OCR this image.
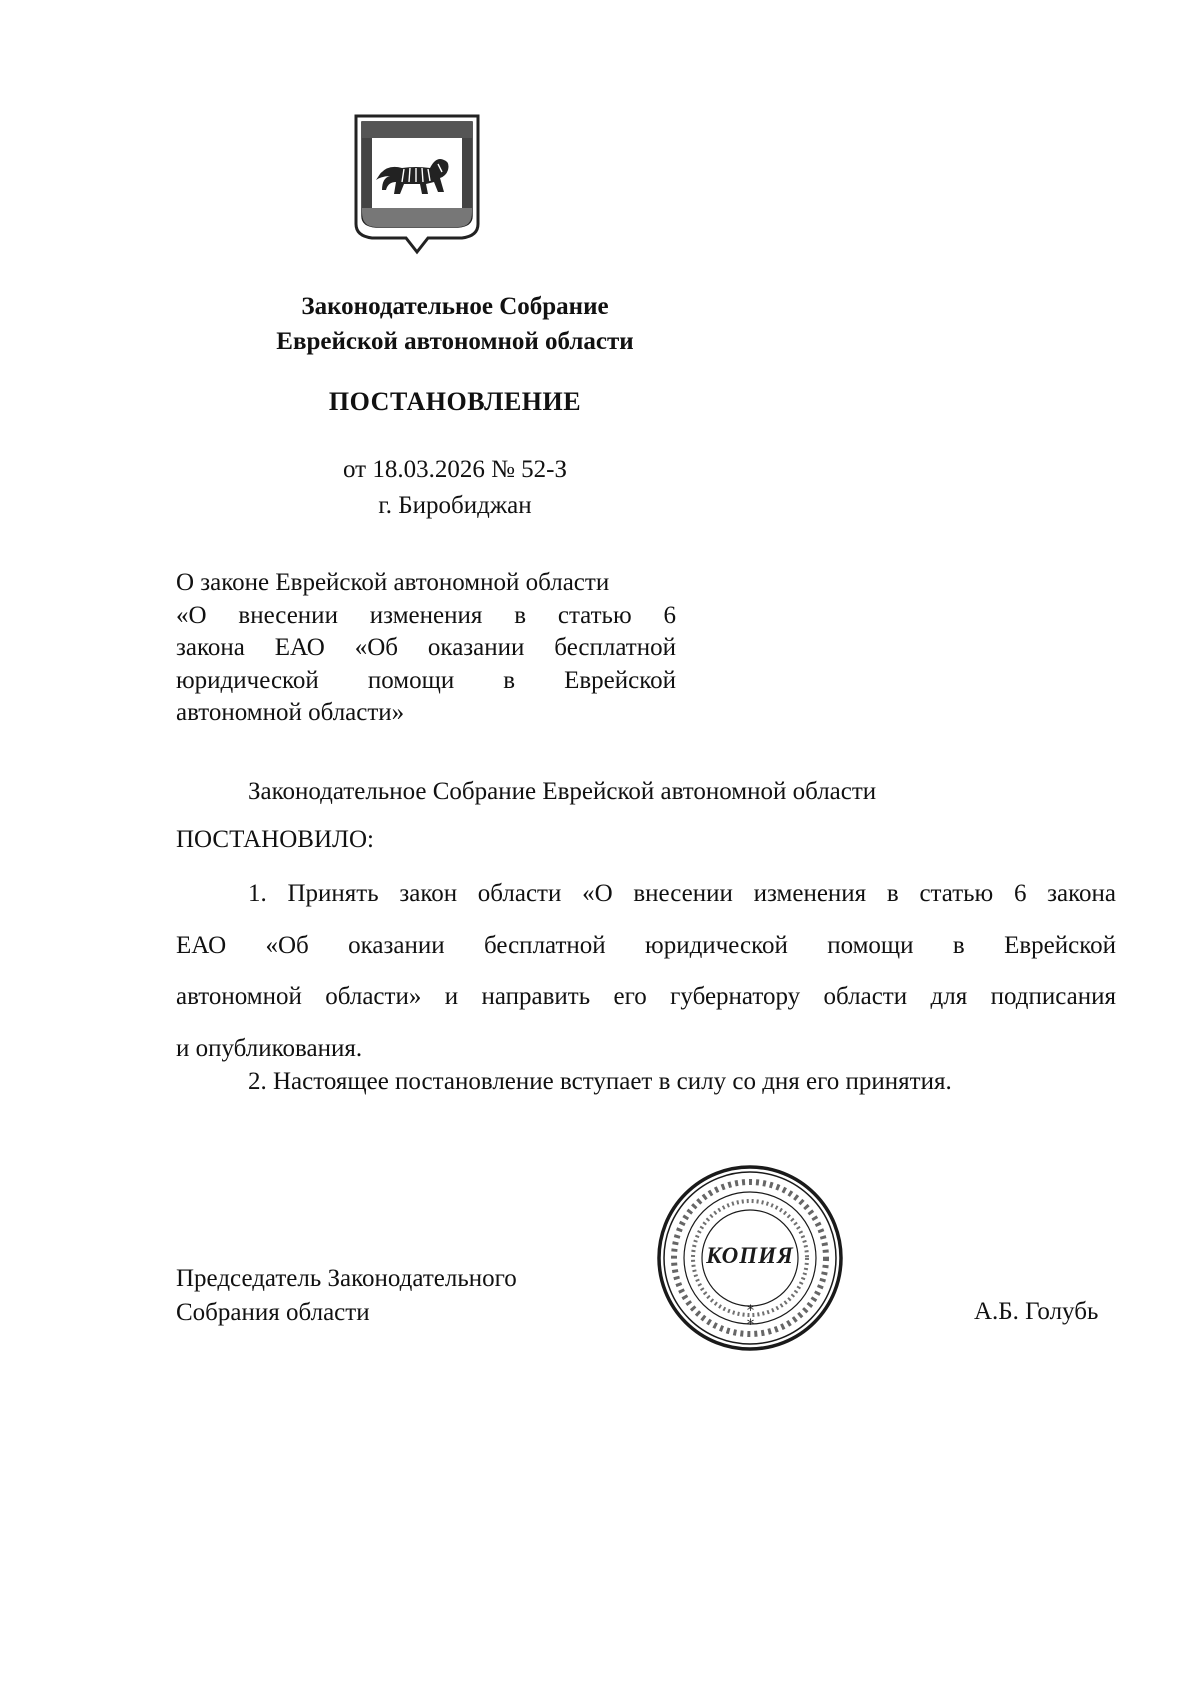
Законодательное Собрание
Еврейской автономной области
ПОСТАНОВЛЕНИЕ
от 18.03.2026 № 52-З
г. Биробиджан
О законе Еврейской автономной области
«О внесении изменения в статью 6
закона ЕАО «Об оказании бесплатной
юридической помощи в Еврейской
автономной области»
Законодательное Собрание Еврейской автономной области
ПОСТАНОВИЛО:
1. Принять закон области «О внесении изменения в статью 6 закона
ЕАО «Об оказании бесплатной юридической помощи в Еврейской
автономной области» и направить его губернатору области для подписания
и опубликования.
2. Настоящее постановление вступает в силу со дня его принятия.
*
*
КОПИЯ
Председатель Законодательного
Собрания области	А.Б. Голубь
